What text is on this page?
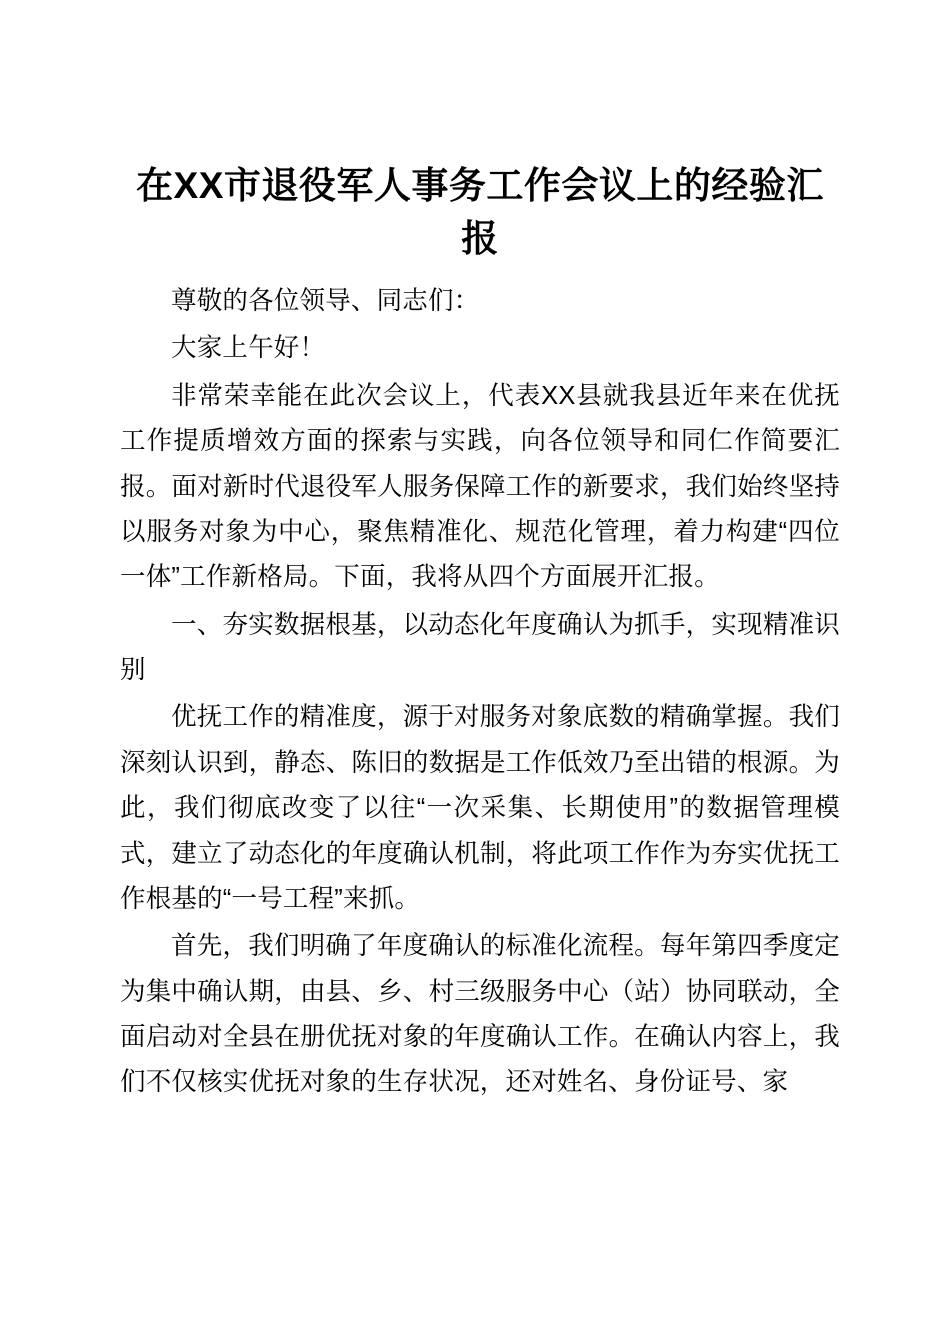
在XX市退役军人事务工作会议上的经验汇报

尊敬的各位领导、同志们：

大家上午好！

非常荣幸能在此次会议上，代表XX县就我县近年来在优抚工作提质增效方面的探索与实践，向各位领导和同仁作简要汇报。面对新时代退役军人服务保障工作的新要求，我们始终坚持以服务对象为中心，聚焦精准化、规范化管理，着力构建“四位一体”工作新格局。下面，我将从四个方面展开汇报。

一、夯实数据根基，以动态化年度确认为抓手，实现精准识别

优抚工作的精准度，源于对服务对象底数的精确掌握。我们深刻认识到，静态、陈旧的数据是工作低效乃至出错的根源。为此，我们彻底改变了以往“一次采集、长期使用”的数据管理模式，建立了动态化的年度确认机制，将此项工作作为夯实优抚工作根基的“一号工程”来抓。

首先，我们明确了年度确认的标准化流程。每年第四季度定为集中确认期，由县、乡、村三级服务中心（站）协同联动，全面启动对全县在册优抚对象的年度确认工作。在确认内容上，我们不仅核实优抚对象的生存状况，还对姓名、身份证号、家
